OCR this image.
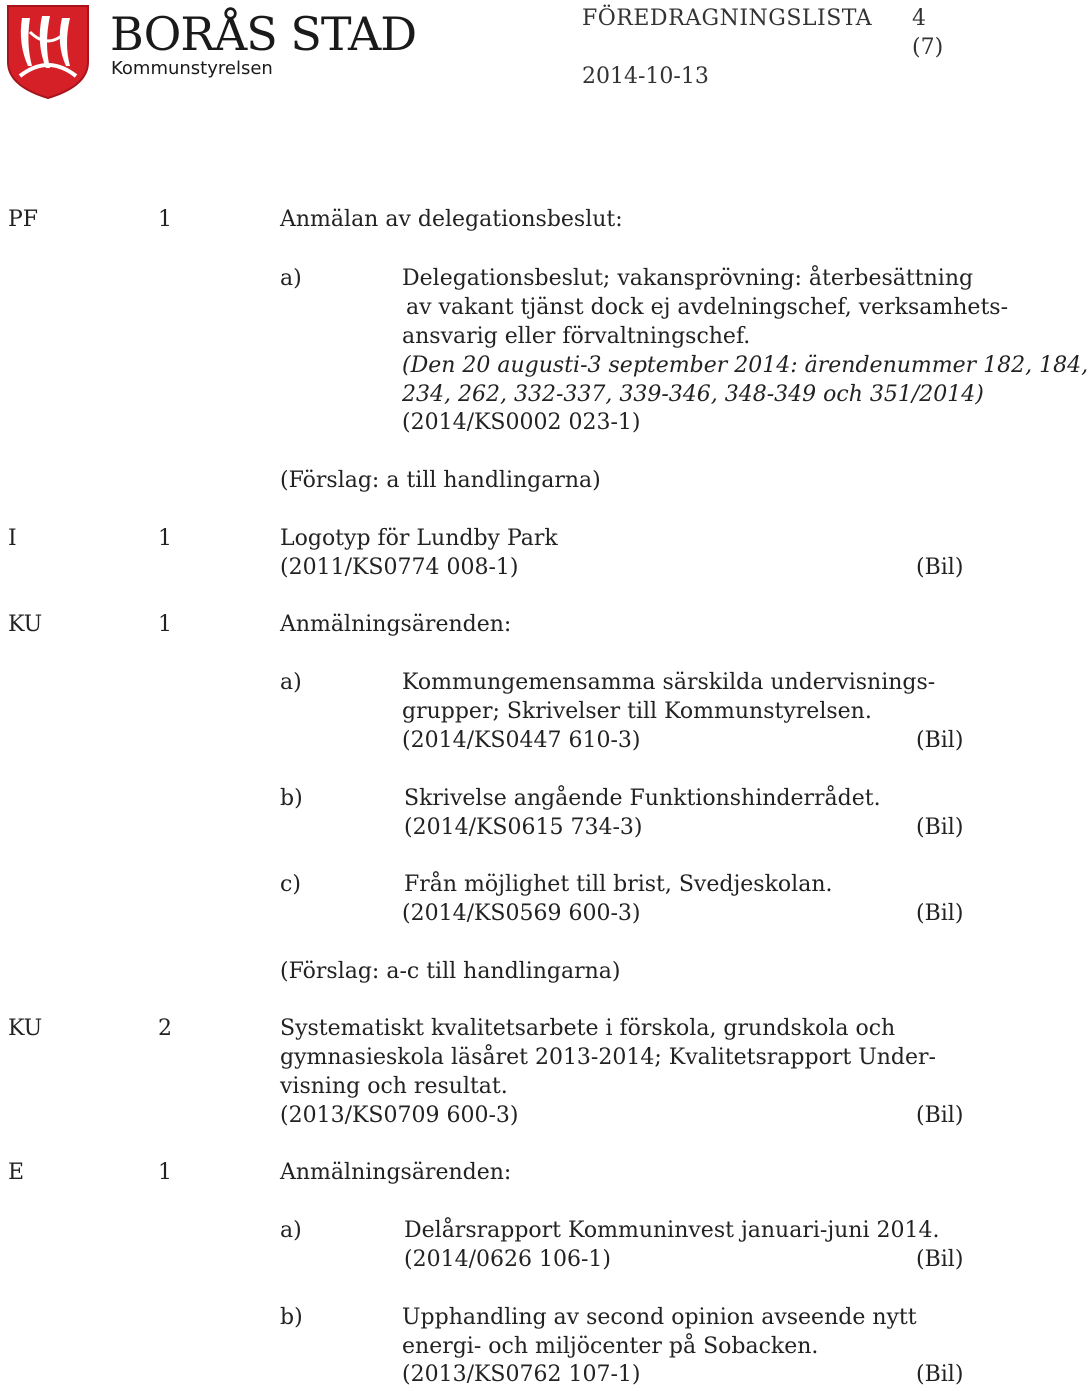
BORÅS STAD
Kommunstyrelsen
FÖREDRAGNINGSLISTA 4 (7)
2014-10-13
PF	1	Anmälan av delegationsbeslut:
a)	Delegationsbeslut; vakansprövning: återbesättning
av vakant tjänst dock ej avdelningschef, verksamhets-
ansvarig eller förvaltningschef.
(Den 20 augusti-3 september 2014: ärendenummer 182, 184,
234, 262, 332-337, 339-346, 348-349 och 351/2014)
(2014/KS0002 023-1)
(Förslag: a till handlingarna)
I	1	Logotyp för Lundby Park
(2011/KS0774 008-1)	(Bil)
KU	1	Anmälningsärenden:
a)	Kommungemensamma särskilda undervisnings-
grupper; Skrivelser till Kommunstyrelsen.
(2014/KS0447 610-3)	(Bil)
b)	Skrivelse angående Funktionshinderrådet.
(2014/KS0615 734-3)	(Bil)
c)	Från möjlighet till brist, Svedjeskolan.
(2014/KS0569 600-3)	(Bil)
(Förslag: a-c till handlingarna)
KU	2	Systematiskt kvalitetsarbete i förskola, grundskola och
gymnasieskola läsåret 2013-2014; Kvalitetsrapport Under-
visning och resultat.
(2013/KS0709 600-3)	(Bil)
E	1	Anmälningsärenden:
a)	Delårsrapport Kommuninvest januari-juni 2014.
(2014/0626 106-1)	(Bil)
b)	Upphandling av second opinion avseende nytt
energi- och miljöcenter på Sobacken.
(2013/KS0762 107-1)	(Bil)
